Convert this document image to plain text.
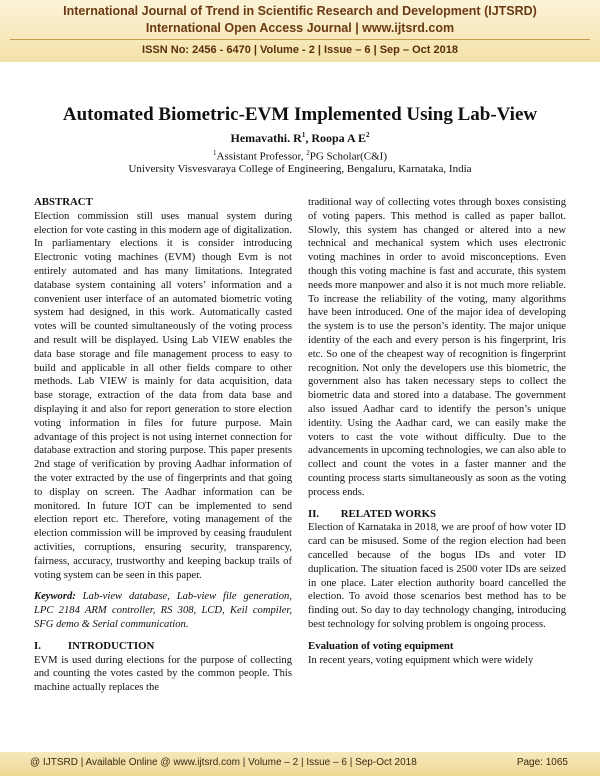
International Journal of Trend in Scientific Research and Development (IJTSRD)
International Open Access Journal | www.ijtsrd.com
ISSN No: 2456 - 6470 | Volume - 2 | Issue – 6 | Sep – Oct 2018
Automated Biometric-EVM Implemented Using Lab-View
Hemavathi. $R^1$, Roopa A $E^2$
$^1$Assistant Professor, $^2$PG Scholar(C&I)
University Visvesvaraya College of Engineering, Bengaluru, Karnataka, India

ABSTRACT

Election commission still uses manual system during election for vote casting in this modern age of digitalization. In parliamentary elections it is consider introducing Electronic voting machines (EVM) though Evm is not entirely automated and has many limitations. Integrated database system containing all voters’ information and a convenient user interface of an automated biometric voting system had designed, in this work. Automatically casted votes will be counted simultaneously of the voting process and result will be displayed. Using Lab VIEW enables the data base storage and file management process to easy to build and applicable in all other fields compare to other methods. Lab VIEW is mainly for data acquisition, data base storage, extraction of the data from data base and displaying it and also for report generation to store election voting information in files for future purpose. Main advantage of this project is not using internet connection for database extraction and storing purpose. This paper presents 2nd stage of verification by proving Aadhar information of the voter extracted by the use of fingerprints and that going to display on screen. The Aadhar information can be monitored. In future IOT can be implemented to send election report etc. Therefore, voting management of the election commission will be improved by ceasing fraudulent activities, corruptions, ensuring security, transparency, fairness, accuracy, trustworthy and keeping backup trails of voting system can be seen in this paper.

Keyword: Lab-view database, Lab-view file generation, LPC 2184 ARM controller, RS 308, LCD, Keil compiler, SFG demo & Serial communication.

I.          INTRODUCTION

EVM is used during elections for the purpose of collecting and counting the votes casted by the common people. This machine actually replaces the

traditional way of collecting votes through boxes consisting of voting papers. This method is called as paper ballot. Slowly, this system has changed or altered into a new technical and mechanical system which uses electronic voting machines in order to avoid misconceptions. Even though this voting machine is fast and accurate, this system needs more manpower and also it is not much more reliable. To increase the reliability of the voting, many algorithms have been introduced. One of the major idea of developing the system is to use the person’s identity. The major unique identity of the each and every person is his fingerprint, Iris etc. So one of the cheapest way of recognition is fingerprint recognition. Not only the developers use this biometric, the government also has taken necessary steps to collect the biometric data and stored into a database. The government also issued Aadhar card to identify the person’s unique identity. Using the Aadhar card, we can easily make the voters to cast the vote without difficulty. Due to the advancements in upcoming technologies, we can also able to collect and count the votes in a faster manner and the counting process starts simultaneously as soon as the voting process ends.

II.        RELATED WORKS

Election of Karnataka in 2018, we are proof of how voter ID card can be misused. Some of the region election had been cancelled because of the bogus IDs and voter ID duplication. The situation faced is 2500 voter IDs are seized in one place. Later election authority board cancelled the election. To avoid those scenarios best method has to be finding out. So day to day technology changing, introducing best technology for solving problem is ongoing process.

Evaluation of voting equipment

In recent years, voting equipment which were widely

@ IJTSRD | Available Online @ www.ijtsrd.com | Volume – 2 | Issue – 6 | Sep-Oct 2018	Page: 1065
